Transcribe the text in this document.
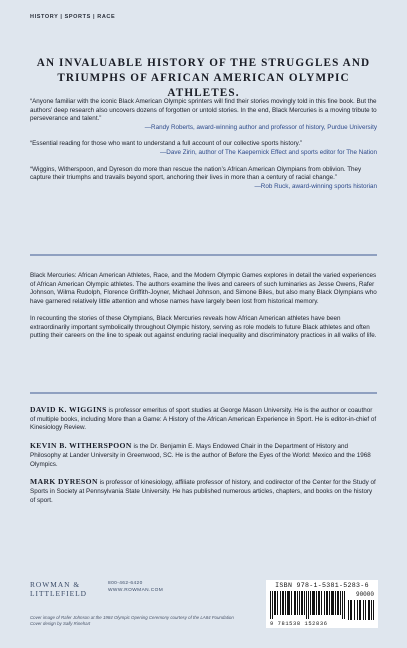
HISTORY | SPORTS | RACE
AN INVALUABLE HISTORY OF THE STRUGGLES AND TRIUMPHS OF AFRICAN AMERICAN OLYMPIC ATHLETES.

“Anyone familiar with the iconic Black American Olympic sprinters will find their stories movingly told in this fine book. But the authors’ deep research also uncovers dozens of forgotten or untold stories. In the end, Black Mercuries is a moving tribute to perseverance and talent.”

—Randy Roberts, award-winning author and professor of history, Purdue University

“Essential reading for those who want to understand a full account of our collective sports history.”

—Dave Zirin, author of The Kaepernick Effect and sports editor for The Nation

“Wiggins, Witherspoon, and Dyreson do more than rescue the nation’s African American Olympians from oblivion. They capture their triumphs and travails beyond sport, anchoring their lives in more than a century of racial change.”

—Rob Ruck, award-winning sports historian

Black Mercuries: African American Athletes, Race, and the Modern Olympic Games explores in detail the varied experiences of African American Olympic athletes. The authors examine the lives and careers of such luminaries as Jesse Owens, Rafer Johnson, Wilma Rudolph, Florence Griffith-Joyner, Michael Johnson, and Simone Biles, but also many Black Olympians who have garnered relatively little attention and whose names have largely been lost from historical memory.

In recounting the stories of these Olympians, Black Mercuries reveals how African American athletes have been extraordinarily important symbolically throughout Olympic history, serving as role models to future Black athletes and often putting their careers on the line to speak out against enduring racial inequality and discriminatory practices in all walks of life.

DAVID K. WIGGINS is professor emeritus of sport studies at George Mason University. He is the author or coauthor of multiple books, including More than a Game: A History of the African American Experience in Sport. He is editor-in-chief of Kinesiology Review.

KEVIN B. WITHERSPOON is the Dr. Benjamin E. Mays Endowed Chair in the Department of History and Philosophy at Lander University in Greenwood, SC. He is the author of Before the Eyes of the World: Mexico and the 1968 Olympics.

MARK DYRESON is professor of kinesiology, affiliate professor of history, and codirector of the Center for the Study of Sports in Society at Pennsylvania State University. He has published numerous articles, chapters, and books on the history of sport.

ROWMAN &
LITTLEFIELD
800-462-6420
WWW.ROWMAN.COM
Cover image of Rafer Johnson at the 1984 Olympic Opening Ceremony courtesy of the LA84 Foundation
Cover design by Sally Rinehart
ISBN 978-1-5381-5283-6
90000
9 781538 152836
